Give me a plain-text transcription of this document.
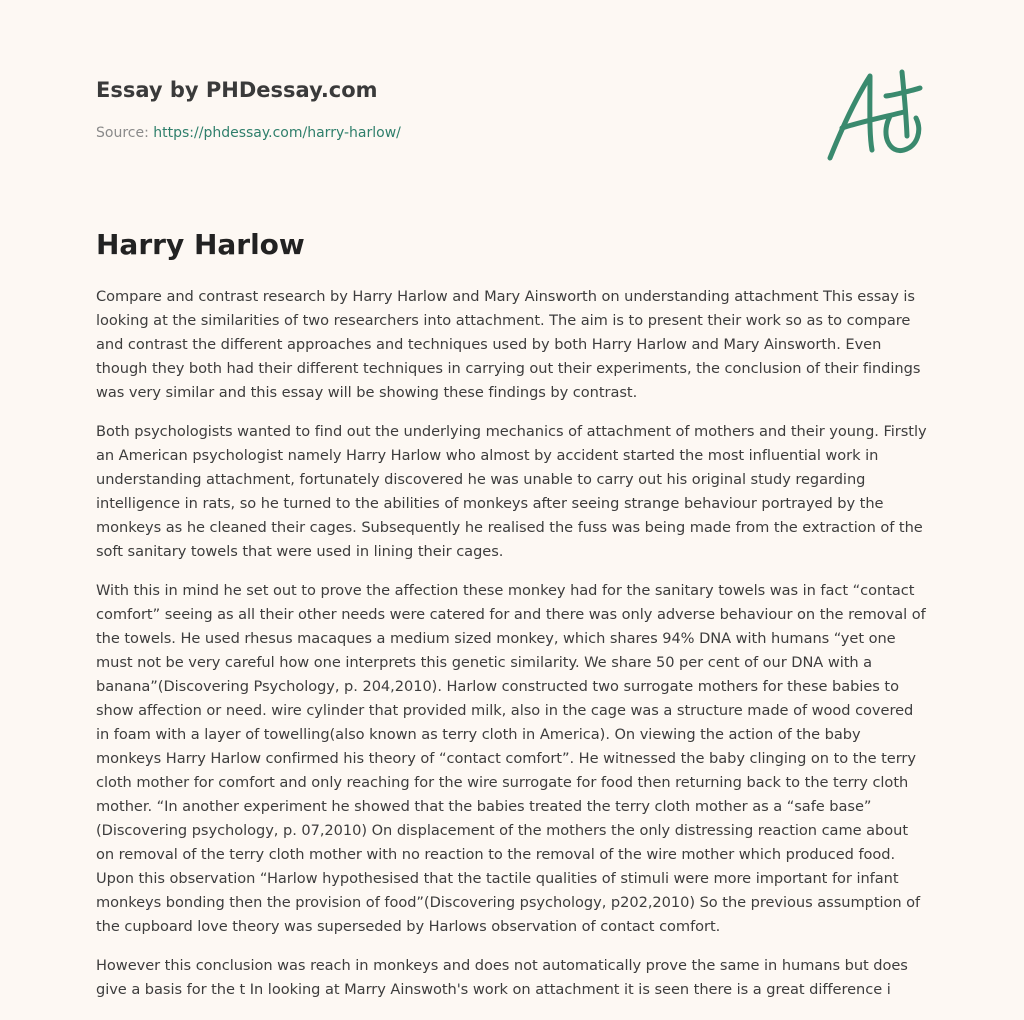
Essay by PHDessay.com
Source: https://phdessay.com/harry-harlow/
Harry Harlow

Compare and contrast research by Harry Harlow and Mary Ainsworth on understanding attachment This essay is looking at the similarities of two researchers into attachment. The aim is to present their work so as to compare and contrast the different approaches and techniques used by both Harry Harlow and Mary Ainsworth. Even though they both had their different techniques in carrying out their experiments, the conclusion of their findings was very similar and this essay will be showing these findings by contrast.

Both psychologists wanted to find out the underlying mechanics of attachment of mothers and their young. Firstly an American psychologist namely Harry Harlow who almost by accident started the most influential work in understanding attachment, fortunately discovered he was unable to carry out his original study regarding intelligence in rats, so he turned to the abilities of monkeys after seeing strange behaviour portrayed by the monkeys as he cleaned their cages. Subsequently he realised the fuss was being made from the extraction of the soft sanitary towels that were used in lining their cages.

With this in mind he set out to prove the affection these monkey had for the sanitary towels was in fact “contact comfort” seeing as all their other needs were catered for and there was only adverse behaviour on the removal of the towels. He used rhesus macaques a medium sized monkey, which shares 94% DNA with humans “yet one must not be very careful how one interprets this genetic similarity. We share 50 per cent of our DNA with a banana”(Discovering Psychology, p. 204,2010). Harlow constructed two surrogate mothers for these babies to show affection or need. wire cylinder that provided milk, also in the cage was a structure made of wood covered in foam with a layer of towelling(also known as terry cloth in America). On viewing the action of the baby monkeys Harry Harlow confirmed his theory of “contact comfort”. He witnessed the baby clinging on to the terry cloth mother for comfort and only reaching for the wire surrogate for food then returning back to the terry cloth mother. “In another experiment he showed that the babies treated the terry cloth mother as a “safe base” (Discovering psychology, p. 07,2010) On displacement of the mothers the only distressing reaction came about on removal of the terry cloth mother with no reaction to the removal of the wire mother which produced food. Upon this observation “Harlow hypothesised that the tactile qualities of stimuli were more important for infant monkeys bonding then the provision of food”(Discovering psychology, p202,2010) So the previous assumption of the cupboard love theory was superseded by Harlows observation of contact comfort.

However this conclusion was reach in monkeys and does not automatically prove the same in humans but does give a basis for the t In looking at Marry Ainswoth's work on attachment it is seen there is a great difference i
